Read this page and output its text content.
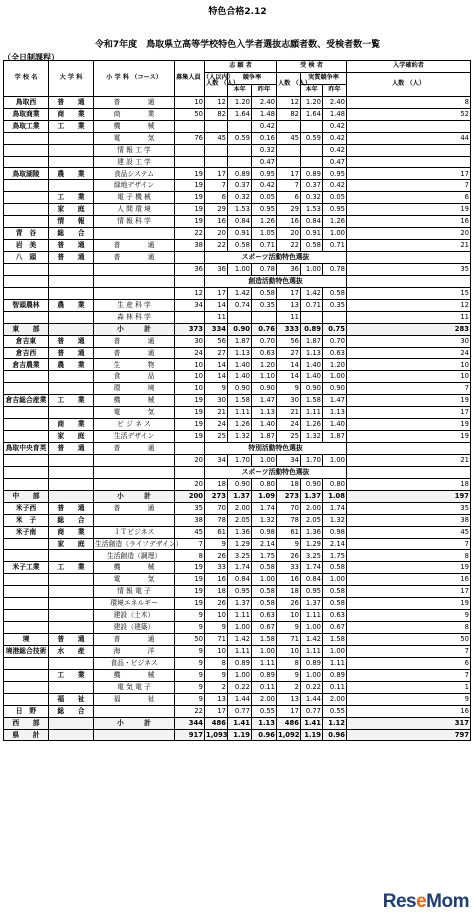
特色合格2.12
令和7年度　鳥取県立高等学校特色入学者選抜志願者数、受検者数一覧
（全日制課程）
学 校 名	大 学 科	小 学 科 （コース）	募集人員 （人以内）	志 願 者			受 検 者			入学確約者
				人数 （人）	競争率		人数 （人）	実質競争率		人数 （人）
					本年	昨年		本年	昨年	
鳥取西	普　　通	普　　　　通	10	12	1.20	2.40	12	1.20	2.40	8
鳥取商業	商　　業	商　　　　業	50	82	1.64	1.48	82	1.64	1.48	52
鳥取工業	工　　業	機　　　　械				0.42			0.42	
		電　　　　気	76	45	0.59	0.16	45	0.59	0.42	44
		情 報 工 学				0.32			0.42	
		建 設 工 学				0.47			0.47	
鳥取湖陵	農　　業	食品システム	19	17	0.89	0.95	17	0.89	0.95	17
		緑地デザイン	19	7	0.37	0.42	7	0.37	0.42	7
	工　　業	電 子 機 械	19	6	0.32	0.05	6	0.32	0.05	6
	家　　庭	人 間 環 境	19	29	1.53	0.95	29	1.53	0.95	19
	情　　報	情 報 科 学	19	16	0.84	1.26	16	0.84	1.26	16
青　谷	総　　合		22	20	0.91	1.05	20	0.91	1.00	20
岩　美	普　　通	普　　　　通	38	22	0.58	0.71	22	0.58	0.71	21
八　頭	普　　通	普　　　　通		スポーツ活動特色選抜						
			36	36	1.00	0.78	36	1.00	0.78	35
				創造活動特色選抜						
			12	17	1.42	0.58	17	1.42	0.58	15
智頭農林	農　　業	生 産 科 学	34	14	0.74	0.35	13	0.71	0.35	12
		森 林 科 学		11			11			11
東　　部		小　　　計	373	334	0.90	0.76	333	0.89	0.75	283
倉吉東	普　　通	普　　　　通	30	56	1.87	0.70	56	1.87	0.70	30
倉吉西	普　　通	普　　　　通	24	27	1.13	0.63	27	1.13	0.63	24
倉吉農業	農　　業	生　　　　物	10	14	1.40	1.20	14	1.40	1.20	10
		食　　　　品	10	14	1.40	1.10	14	1.40	1.00	10
		環　　　　境	10	9	0.90	0.90	9	0.90	0.90	7
倉吉総合産業	工　　業	機　　　　械	19	30	1.58	1.47	30	1.58	1.47	19
		電　　　　気	19	21	1.11	1.13	21	1.11	1.13	17
	商　　業	ビ ジ ネ ス	19	24	1.26	1.40	24	1.26	1.40	19
	家　　庭	生活デザイン	19	25	1.32	1.87	25	1.32	1.87	19
鳥取中央育英	普　　通	普　　　　通		特別活動特色選抜						
			20	34	1.70	1.00	34	1.70	1.00	21
				スポーツ活動特色選抜						
			20	18	0.90	0.80	18	0.90	0.80	18
中　　部		小　　　計	200	273	1.37	1.09	273	1.37	1.08	197
米子西	普　　通	普　　　　通	35	70	2.00	1.74	70	2.00	1.74	35
米　子	総　　合		38	78	2.05	1.32	78	2.05	1.32	38
米子南	商　　業	ＩＴビジネス	45	61	1.36	0.98	61	1.36	0.98	45
	家　　庭	生活創造（ライフデザイン）	7	9	1.29	2.14	9	1.29	2.14	7
		生活創造（調理）	8	26	3.25	1.75	26	3.25	1.75	8
米子工業	工　　業	機　　　　械	19	33	1.74	0.58	33	1.74	0.58	19
		電　　　　気	19	16	0.84	1.00	16	0.84	1.00	16
		情 報 電 子	19	18	0.95	0.58	18	0.95	0.58	17
		環境エネルギー	19	26	1.37	0.58	26	1.37	0.58	19
		建設（土木）	9	10	1.11	0.63	10	1.11	0.63	9
		建設（建築）	9	9	1.00	0.67	9	1.00	0.67	8
境	普　　通	普　　　　通	50	71	1.42	1.58	71	1.42	1.58	50
境港総合技術	水　　産	海　　　　洋	9	10	1.11	1.00	10	1.11	1.00	7
		食品・ビジネス	9	8	0.89	1.11	8	0.89	1.11	6
	工　　業	機　　　　械	9	9	1.00	0.89	9	1.00	0.89	7
		電 気 電 子	9	2	0.22	0.11	2	0.22	0.11	1
	福　　祉	福　　　　祉	9	13	1.44	2.00	13	1.44	2.00	9
日　野	総　　合		22	17	0.77	0.55	17	0.77	0.55	16
西　　部		小　　　計	344	486	1.41	1.13	486	1.41	1.12	317
県　　計			917	1,093	1.19	0.96	1,092	1.19	0.96	797
ReseMom
